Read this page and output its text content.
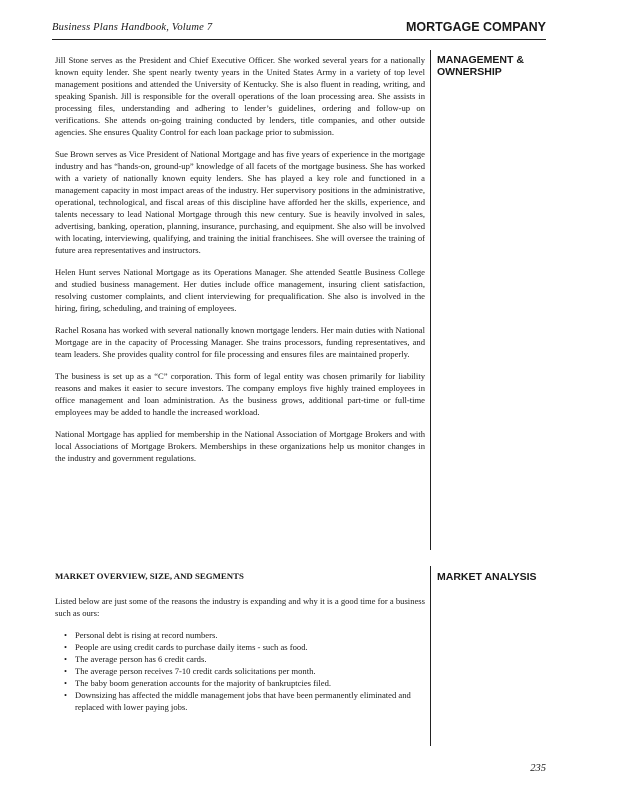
Business Plans Handbook, Volume 7	MORTGAGE COMPANY
MANAGEMENT & OWNERSHIP
MARKET ANALYSIS

Jill Stone serves as the President and Chief Executive Officer. She worked several years for a nationally known equity lender. She spent nearly twenty years in the United States Army in a variety of top level management positions and attended the University of Kentucky. She is also fluent in reading, writing, and speaking Spanish. Jill is responsible for the overall operations of the loan processing area. She assists in processing files, understanding and adhering to lender’s guidelines, ordering and follow-up on verifications. She attends on-going training conducted by lenders, title companies, and other outside agencies. She ensures Quality Control for each loan package prior to submission.

Sue Brown serves as Vice President of National Mortgage and has five years of experience in the mortgage industry and has “hands-on, ground-up” knowledge of all facets of the mortgage business. She has worked with a variety of nationally known equity lenders. She has played a key role and functioned in a management capacity in most impact areas of the industry. Her supervisory positions in the administrative, operational, technological, and fiscal areas of this discipline have afforded her the skills, experience, and talents necessary to lead National Mortgage through this new century. Sue is heavily involved in sales, advertising, banking, operation, planning, insurance, purchasing, and equipment. She also will be involved with locating, interviewing, qualifying, and training the initial franchisees. She will oversee the training of future area representatives and instructors.

Helen Hunt serves National Mortgage as its Operations Manager. She attended Seattle Business College and studied business management. Her duties include office management, insuring client satisfaction, resolving customer complaints, and client interviewing for prequalification. She also is involved in the hiring, firing, scheduling, and training of employees.

Rachel Rosana has worked with several nationally known mortgage lenders. Her main duties with National Mortgage are in the capacity of Processing Manager. She trains processors, funding representatives, and team leaders. She provides quality control for file processing and ensures files are maintained properly.

The business is set up as a “C” corporation. This form of legal entity was chosen primarily for liability reasons and makes it easier to secure investors. The company employs five highly trained employees in office management and loan administration. As the business grows, additional part-time or full-time employees may be added to handle the increased workload.

National Mortgage has applied for membership in the National Association of Mortgage Brokers and with local Associations of Mortgage Brokers. Memberships in these organizations help us monitor changes in the industry and government regulations.

MARKET OVERVIEW, SIZE, AND SEGMENTS

Listed below are just some of the reasons the industry is expanding and why it is a good time for a business such as ours:

• Personal debt is rising at record numbers.
• People are using credit cards to purchase daily items - such as food.
• The average person has 6 credit cards.
• The average person receives 7-10 credit cards solicitations per month.
• The baby boom generation accounts for the majority of bankruptcies filed.
• Downsizing has affected the middle management jobs that have been permanently eliminated and replaced with lower paying jobs.
235
